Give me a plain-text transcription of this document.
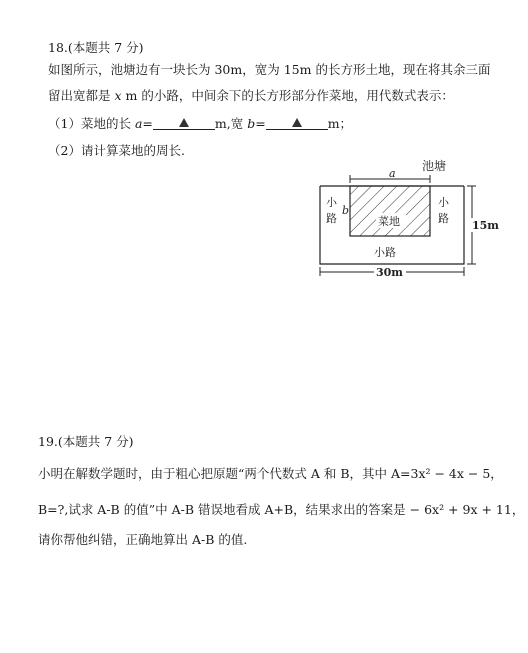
18.(本题共 7 分)
如图所示，池塘边有一块长为 30m，宽为 15m 的长方形土地，现在将其余三面
留出宽都是 x m 的小路，中间余下的长方形部分作菜地，用代数式表示：
（1）菜地的长 a=	m,宽 b=	m；
（2）请计算菜地的周长.
池塘
a
b
小
路
小
路
菜地
小路
30m
15m
19.(本题共 7 分)
小明在解数学题时，由于粗心把原题“两个代数式 A 和 B，其中 A=3x² − 4x − 5，
B=?,试求 A-B 的值”中 A-B 错误地看成 A+B，结果求出的答案是 − 6x² + 9x + 11，
请你帮他纠错，正确地算出 A-B 的值.
